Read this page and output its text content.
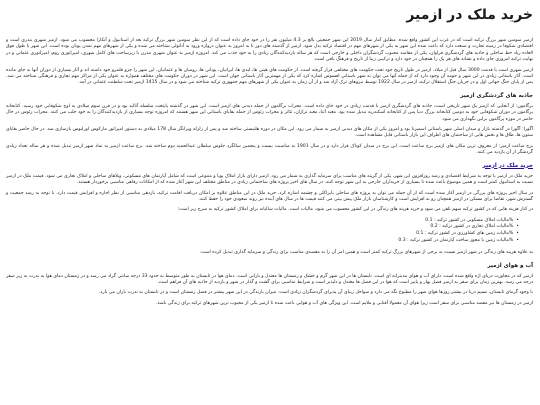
خرید ملک در ازمیر

ازمیر سومین شهر بزرگ ترکیه است که در غرب این کشور واقع شده. مطابق آمار سال 2019 این شهر جمعیتی بالغ بر 4.3 میلیون نفر را در خود جای داده است که از این نظر سومین شهر بزرگ ترکیه بعد از استانبول و آنکارا محسوب می شود. ازمیر شهری بندری است و اقتصادی شکوفا در زمینه تجارت و صنعت دارد که باعث شده این شهر به یکی از شهرهای مهم در اقتصاد ترکیه بدل شود. ازمیر از گذشته های دور تا به امروز به عنوان دروازه ورود به آناتولی شناخته می شده و یکی از شهرهای مهم تمدن یونان بوده است. این شهر با طول فوق العاده زیاد خط ساحلی و جاذبه های گردشگری فراوان، یکی از مقاصد محبوب گردشگران داخلی و خارجی است که هر ساله بازدیدکنندگان زیادی را به خود جذب می کند. امروزه ازمیر به عنوان شهری مدرن با زیرساخت های کامل شهری، امپراتوری روم، امپراتوری عثمانی و در نهایت ترکیه امروزی جای داده و نشانه های هر یک را همچنان در خود دارد و ترکیبی زیبا از تاریخ و فرهنگ باقی است.

ازمیر شهری است با قدمت 3000 سال قبل از میلاد. ازمیر در طول تاریخ خود تحت حکومت های مختلفی قرار گرفته است. از حکومت های هیتی ها، لیدی ها، ایرانیان، یونانی ها، رومیان ها و عثمانیان، این شهر را جزو قلمرو خود داشته اند و آثار بسیاری از دوران آنها به جای مانده است. آثار باستانی زیادی در این شهر و حومه آن وجود دارد که از جمله آنها می توان به شهر باستانی افسوس اشاره کرد که یکی از مهمترین آثار باستانی جهان است. این شهر در دوران حکومت های مختلف همواره به عنوان یکی از مراکز مهم تجاری و فرهنگی شناخته می شد. پس از پایان جنگ جهانی اول و در جریان جنگ استقلال ترکیه، ازمیر در سال 1922 توسط نیروهای ترک آزاد شد و از آن زمان به عنوان یکی از شهرهای مهم جمهوری ترکیه شناخته می شود و در سال 1415 ازمیر تحت سلطنت عثمانی در آمد.

جاذبه های گردشگری ازمیر

برگامون: از آنجایی که ازمیر یک شهر تاریخی است، جاذبه های گردشگری ازمیر با قدمت زیادی در خود جای داده است. محراب برگامون از جمله دیدنی های ازمیر است. این شهر در گذشته پایتخت سلسله آتالید بود و در قرن سوم میلادی به اوج شکوفایی خود رسید. کتابخانه برگامون در دوران شکوفایی خود به دومین کتابخانه بزرگ دنیا پس از کتابخانه اسکندریه تبدیل شده بود. معبد آتنا، معبد تراژان، تئاتر و محراب زئوس از جمله بقایای باستانی این شهر هستند که امروزه توجه بسیاری از بازدیدکنندگان را به خود جلب می کنند. محراب زئوس در حال حاضر در موزه پرگامون برلین نگهداری می شود.

آگورا: آگورا در گذشته بازار و میدان اصلی شهر باستانی اسمیرنا بود و امروز یکی از مکان های دیدنی ازمیر به شمار می رود. این مکان در دوره هلنیستی ساخته شد و پس از زلزله ویرانگر سال 178 میلادی به دستور امپراتور مارکوس اورلیوس بازسازی شد. در حال حاضر بقایای ستون ها، طاق ها و بخش هایی از ساختمان های اطراف این بازار باستانی قابل مشاهده است.

برج ساعت ازمیر: از معروف ترین مکان های ازمیر برج ساعت است. این برج در میدان کوناک قرار دارد و در سال 1901 به مناسبت بیست و پنجمین سالگرد جلوس سلطان عبدالحمید دوم ساخته شد. برج ساعت ازمیر به نماد شهر ازمیر تبدیل شده و هر ساله تعداد زیادی گردشگر از آن بازدید می کنند.

خرید ملک در ازمیر

خرید ملک در ازمیر با توجه به شرایط اقتصادی و رشد روزافزون این شهر، یکی از گزینه های مناسب برای سرمایه گذاری به شمار می رود. ازمیر دارای بازار املاک پویا و متنوعی است که شامل آپارتمان های مسکونی، ویلاهای ساحلی و املاک تجاری می شود. قیمت ملک در ازمیر نسبت به استانبول کمتر است و همین موضوع باعث شده تا بسیاری از خریداران خارجی به این شهر توجه کنند. در سال های اخیر پروژه های ساختمانی زیادی در مناطق مختلف این شهر آغاز شده که از امکانات رفاهی مناسبی برخوردار هستند.

در سال اخیر پروژه های بزرگی در ازمیر آغاز شده است که از آن جمله می توان به پروژه های ساحلی بایراکلی و چشمه اشاره کرد. خرید ملک در این مناطق علاوه بر امکان دریافت اقامت ترکیه، بازدهی مناسبی از نظر اجاره و افزایش قیمت دارد. با توجه به رشد جمعیت و گسترش شهر، تقاضا برای مسکن در ازمیر همچنان رو به افزایش است و کارشناسان بازار ملک پیش بینی می کنند قیمت ها در سال های آینده نیز روند صعودی خود را حفظ کنند.

در کنار هزینه هایی که در کشور ترکیه سهم تلفن می شود و خرید هزینه های زندگی در این کشور محسوب می شود، مالیات است. مالیات سالیانه برای املاک کشور ترکیه به شرح زیر است:

• %مالیات املاک مسکونی در کشور ترکیه : 0.1
• %مالیات املاک تجاری در کشور ترکیه : 0.2
• %مالیات زمین های کشاورزی در کشور ترکیه : 0.1
• %مالیات زمین با مجوز ساخت آپارتمان در کشور ترکیه : 0.3

به علاوه هزینه های زندگی در شهر ازمیر نسبت به برخی از شهرهای بزرگ ترکیه کمتر است و همین امر آن را به مقصدی مناسب برای زندگی و سرمایه گذاری تبدیل کرده است.

آب و هوای ازمیر

ازمیر که در مجاورت دریای اژه واقع شده است، دارای آب و هوای مدیترانه ای است. تابستان ها در این شهر گرم و خشک و زمستان ها معتدل و بارانی است. دمای هوا در تابستان به طور متوسط به حدود 33 درجه سانتی گراد می رسد و در زمستان دمای هوا به ندرت به زیر صفر درجه می رسد. بهترین زمان برای سفر به ازمیر فصل بهار و پاییز است که هوا در این فصل ها معتدل و دلپذیر است و شرایط مناسبی برای گشت و گذار در شهر و بازدید از جاذبه های آن فراهم است.

با وجود گرمای تابستان، نسیم دریا در بیشتر روزها هوای شهر را مطبوع نگه می دارد و سواحل زیبای آن پذیرای گردشگران زیادی است. میزان بارندگی در این شهر بیشتر در فصل زمستان است و در تابستان به ندرت باران می بارد.

ازمیر در زمستان ها نیز مقصد مناسبی برای سفر است زیرا هوای آن معمولا آفتابی و ملایم است. این ویژگی های آب و هوایی باعث شده تا ازمیر یکی از محبوب ترین شهرهای ترکیه برای زندگی باشد.
